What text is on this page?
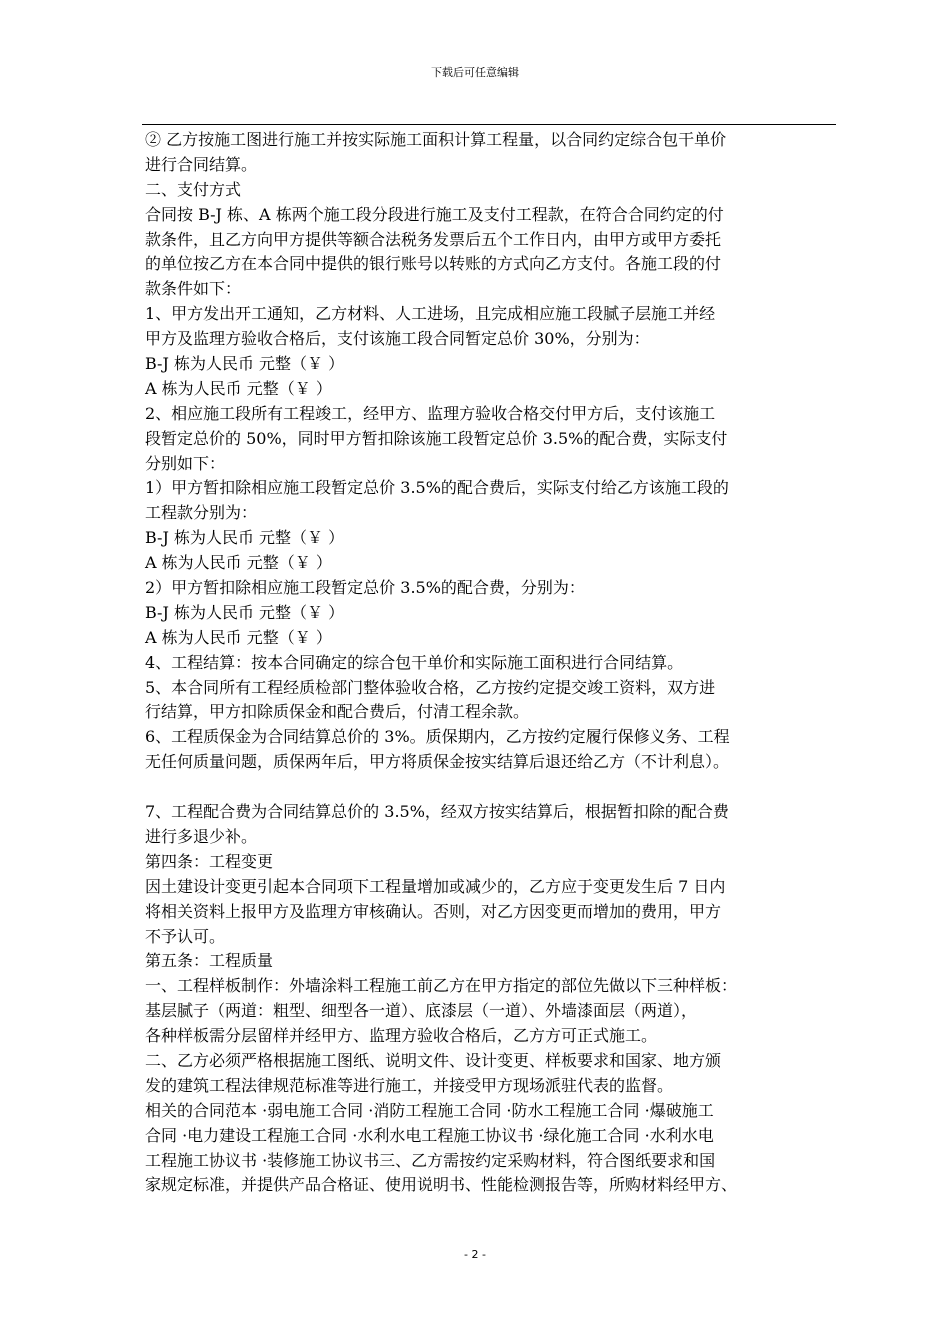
下载后可任意编辑
② 乙方按施工图进行施工并按实际施工面积计算工程量，以合同约定综合包干单价
进行合同结算。
二、支付方式
合同按 B-J 栋、A 栋两个施工段分段进行施工及支付工程款，在符合合同约定的付
款条件，且乙方向甲方提供等额合法税务发票后五个工作日内，由甲方或甲方委托
的单位按乙方在本合同中提供的银行账号以转账的方式向乙方支付。各施工段的付
款条件如下：
1、甲方发出开工通知，乙方材料、人工进场，且完成相应施工段腻子层施工并经
甲方及监理方验收合格后，支付该施工段合同暂定总价 30%，分别为：
B-J 栋为人民币 元整（￥ ）
A 栋为人民币 元整（￥ ）
2、相应施工段所有工程竣工，经甲方、监理方验收合格交付甲方后，支付该施工
段暂定总价的 50%，同时甲方暂扣除该施工段暂定总价 3.5%的配合费，实际支付
分别如下：
1）甲方暂扣除相应施工段暂定总价 3.5%的配合费后，实际支付给乙方该施工段的
工程款分别为：
B-J 栋为人民币 元整（￥ ）
A 栋为人民币 元整（￥ ）
2）甲方暂扣除相应施工段暂定总价 3.5%的配合费，分别为：
B-J 栋为人民币 元整（￥ ）
A 栋为人民币 元整（￥ ）
4、工程结算：按本合同确定的综合包干单价和实际施工面积进行合同结算。
5、本合同所有工程经质检部门整体验收合格，乙方按约定提交竣工资料，双方进
行结算，甲方扣除质保金和配合费后，付清工程余款。
6、工程质保金为合同结算总价的 3%。质保期内，乙方按约定履行保修义务、工程
无任何质量问题，质保两年后，甲方将质保金按实结算后退还给乙方（不计利息）。
7、工程配合费为合同结算总价的 3.5%，经双方按实结算后，根据暂扣除的配合费
进行多退少补。
第四条：工程变更
因土建设计变更引起本合同项下工程量增加或减少的，乙方应于变更发生后 7 日内
将相关资料上报甲方及监理方审核确认。否则，对乙方因变更而增加的费用，甲方
不予认可。
第五条：工程质量
一、工程样板制作：外墙涂料工程施工前乙方在甲方指定的部位先做以下三种样板：
基层腻子（两道：粗型、细型各一道）、底漆层（一道）、外墙漆面层（两道），
各种样板需分层留样并经甲方、监理方验收合格后，乙方方可正式施工。
二、乙方必须严格根据施工图纸、说明文件、设计变更、样板要求和国家、地方颁
发的建筑工程法律规范标准等进行施工，并接受甲方现场派驻代表的监督。
相关的合同范本 ·弱电施工合同 ·消防工程施工合同 ·防水工程施工合同 ·爆破施工
合同 ·电力建设工程施工合同 ·水利水电工程施工协议书 ·绿化施工合同 ·水利水电
工程施工协议书 ·装修施工协议书三、乙方需按约定采购材料，符合图纸要求和国
家规定标准，并提供产品合格证、使用说明书、性能检测报告等，所购材料经甲方、
- 2 -
